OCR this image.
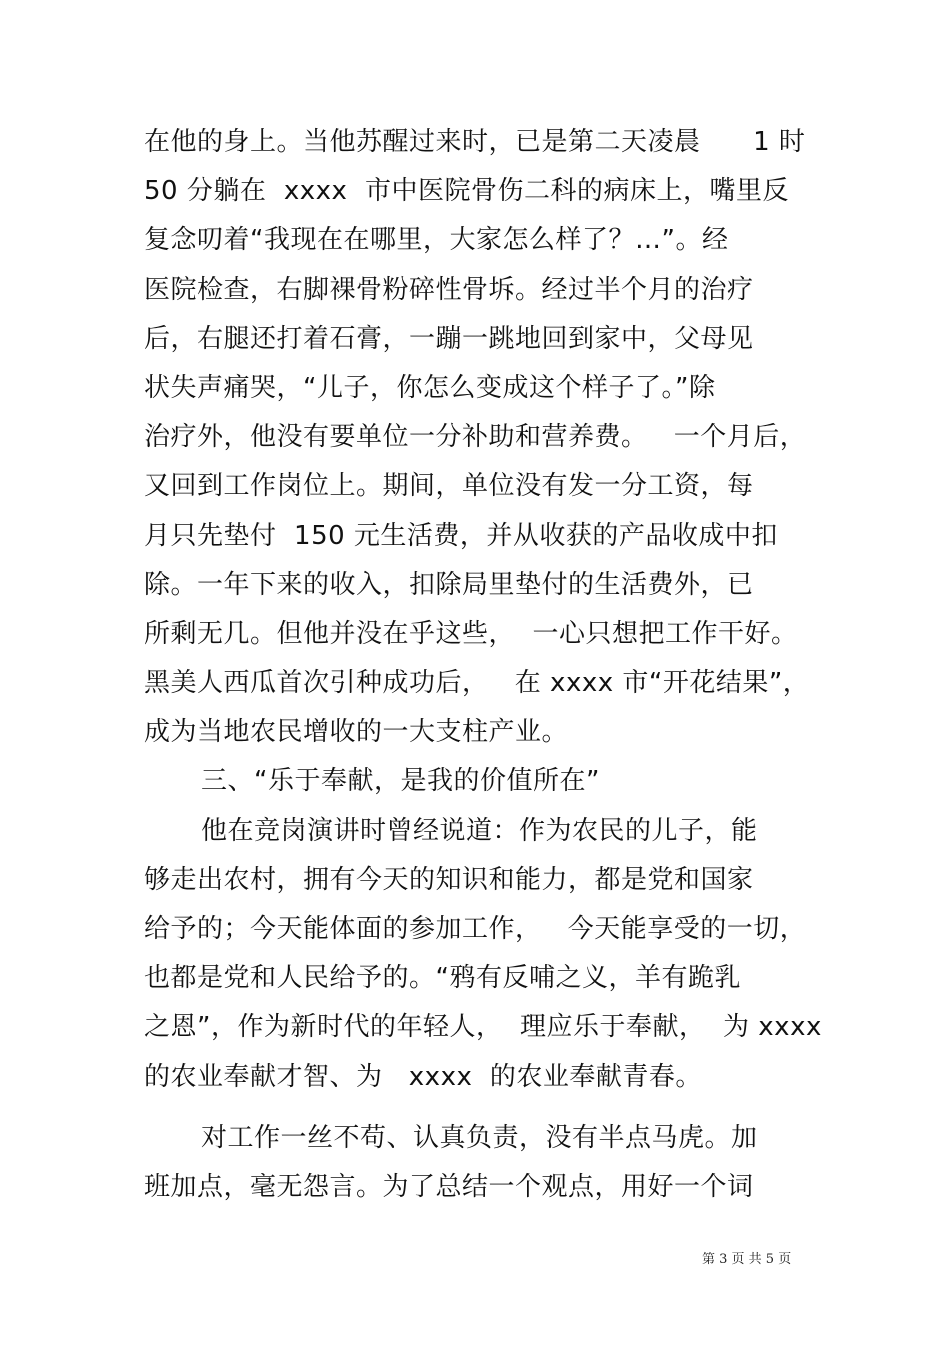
在他的身上。当他苏醒过来时，已是第二天凌晨      1 时
50 分躺在  xxxx  市中医院骨伤二科的病床上，嘴里反
复念叨着“我现在在哪里，大家怎么样了？…”。经
医院检查，右脚裸骨粉碎性骨坼。经过半个月的治疗
后，右腿还打着石膏，一蹦一跳地回到家中，父母见
状失声痛哭，“儿子，你怎么变成这个样子了。”除
治疗外，他没有要单位一分补助和营养费。   一个月后，
又回到工作岗位上。期间，单位没有发一分工资，每
月只先垫付  150 元生活费，并从收获的产品收成中扣
除。一年下来的收入，扣除局里垫付的生活费外，已
所剩无几。但他并没在乎这些，  一心只想把工作干好。
黑美人西瓜首次引种成功后，   在 xxxx 市“开花结果”，
成为当地农民增收的一大支柱产业。
三、“乐于奉献，是我的价值所在”
他在竞岗演讲时曾经说道：作为农民的儿子，能
够走出农村，拥有今天的知识和能力，都是党和国家
给予的；今天能体面的参加工作，   今天能享受的一切，
也都是党和人民给予的。“鸦有反哺之义，羊有跪乳
之恩”，作为新时代的年轻人，  理应乐于奉献，  为 xxxx
的农业奉献才智、为   xxxx  的农业奉献青春。
对工作一丝不苟、认真负责，没有半点马虎。加
班加点，毫无怨言。为了总结一个观点，用好一个词
第 3 页 共 5 页
